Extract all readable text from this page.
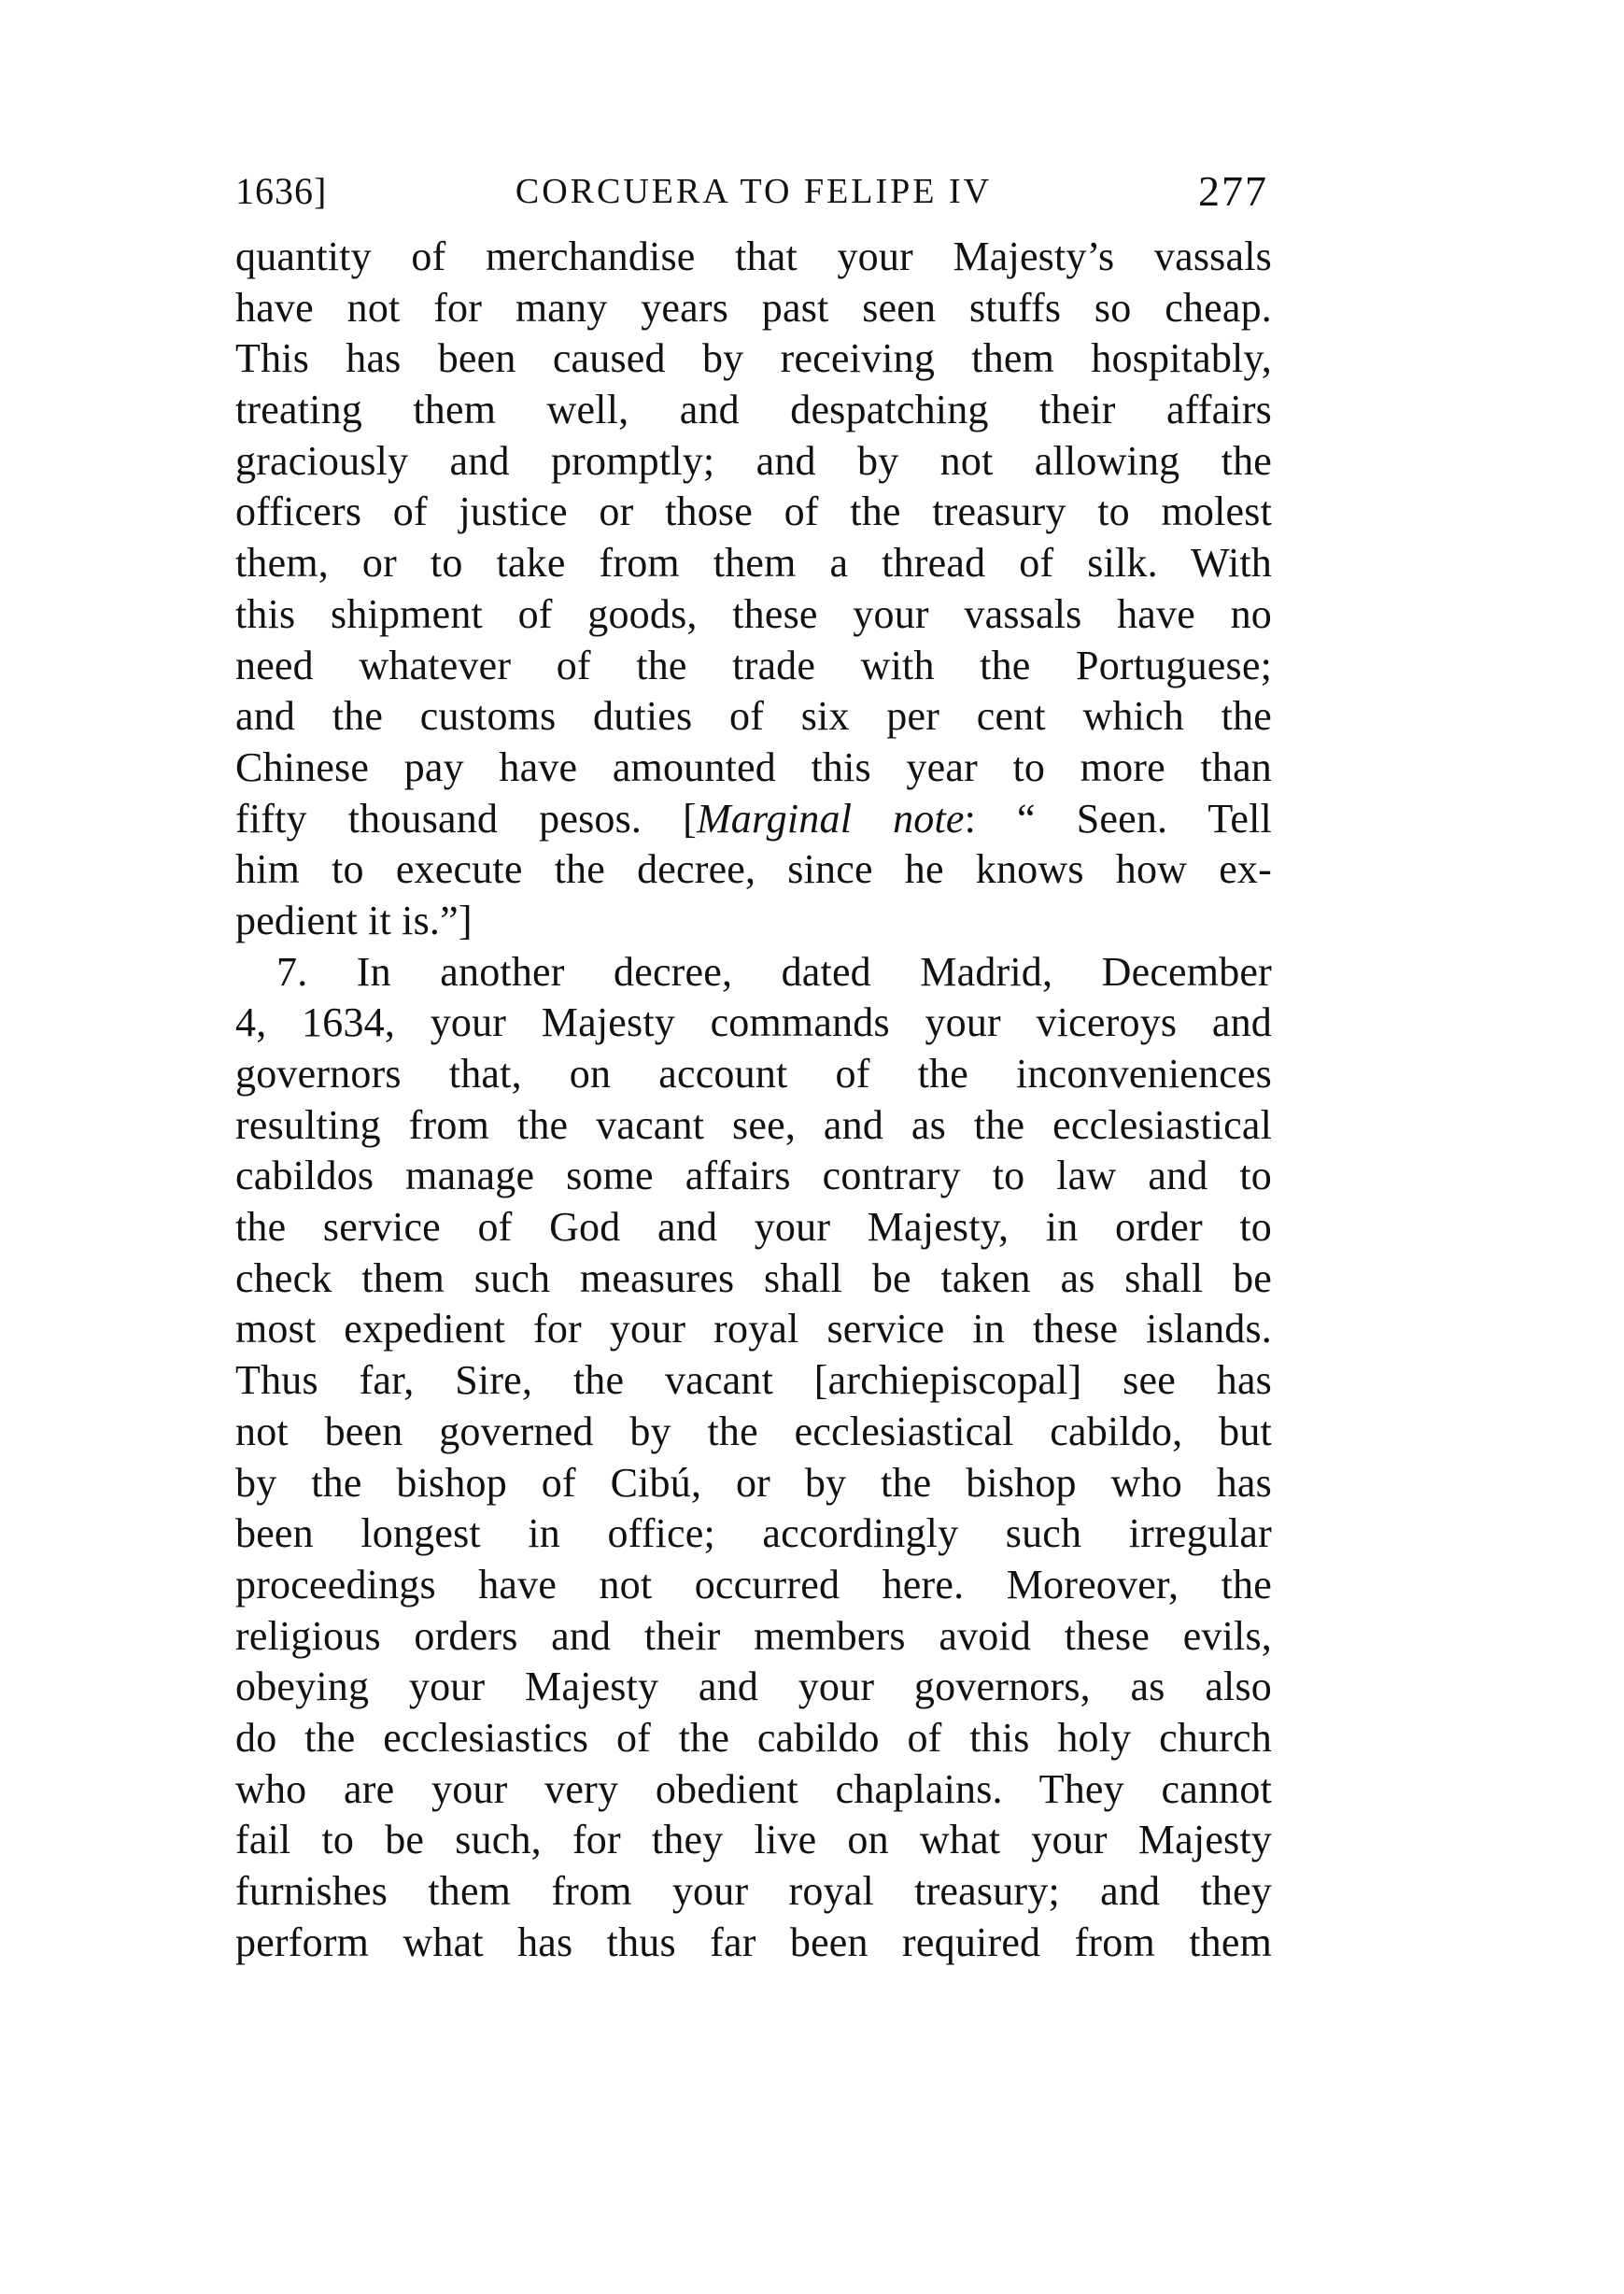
1636]	CORCUERA TO FELIPE IV	277
quantity of merchandise that your Majesty’s vassals
have not for many years past seen stuffs so cheap.
This has been caused by receiving them hospitably,
treating them well, and despatching their affairs
graciously and promptly; and by not allowing the
officers of justice or those of the treasury to molest
them, or to take from them a thread of silk. With
this shipment of goods, these your vassals have no
need whatever of the trade with the Portuguese;
and the customs duties of six per cent which the
Chinese pay have amounted this year to more than
fifty thousand pesos. [Marginal note: “ Seen. Tell
him to execute the decree, since he knows how ex-
pedient it is.”]
7. In another decree, dated Madrid, December
4, 1634, your Majesty commands your viceroys and
governors that, on account of the inconveniences
resulting from the vacant see, and as the ecclesiastical
cabildos manage some affairs contrary to law and to
the service of God and your Majesty, in order to
check them such measures shall be taken as shall be
most expedient for your royal service in these islands.
Thus far, Sire, the vacant [archiepiscopal] see has
not been governed by the ecclesiastical cabildo, but
by the bishop of Cibú, or by the bishop who has
been longest in office; accordingly such irregular
proceedings have not occurred here. Moreover, the
religious orders and their members avoid these evils,
obeying your Majesty and your governors, as also
do the ecclesiastics of the cabildo of this holy church
who are your very obedient chaplains. They cannot
fail to be such, for they live on what your Majesty
furnishes them from your royal treasury; and they
perform what has thus far been required from them
